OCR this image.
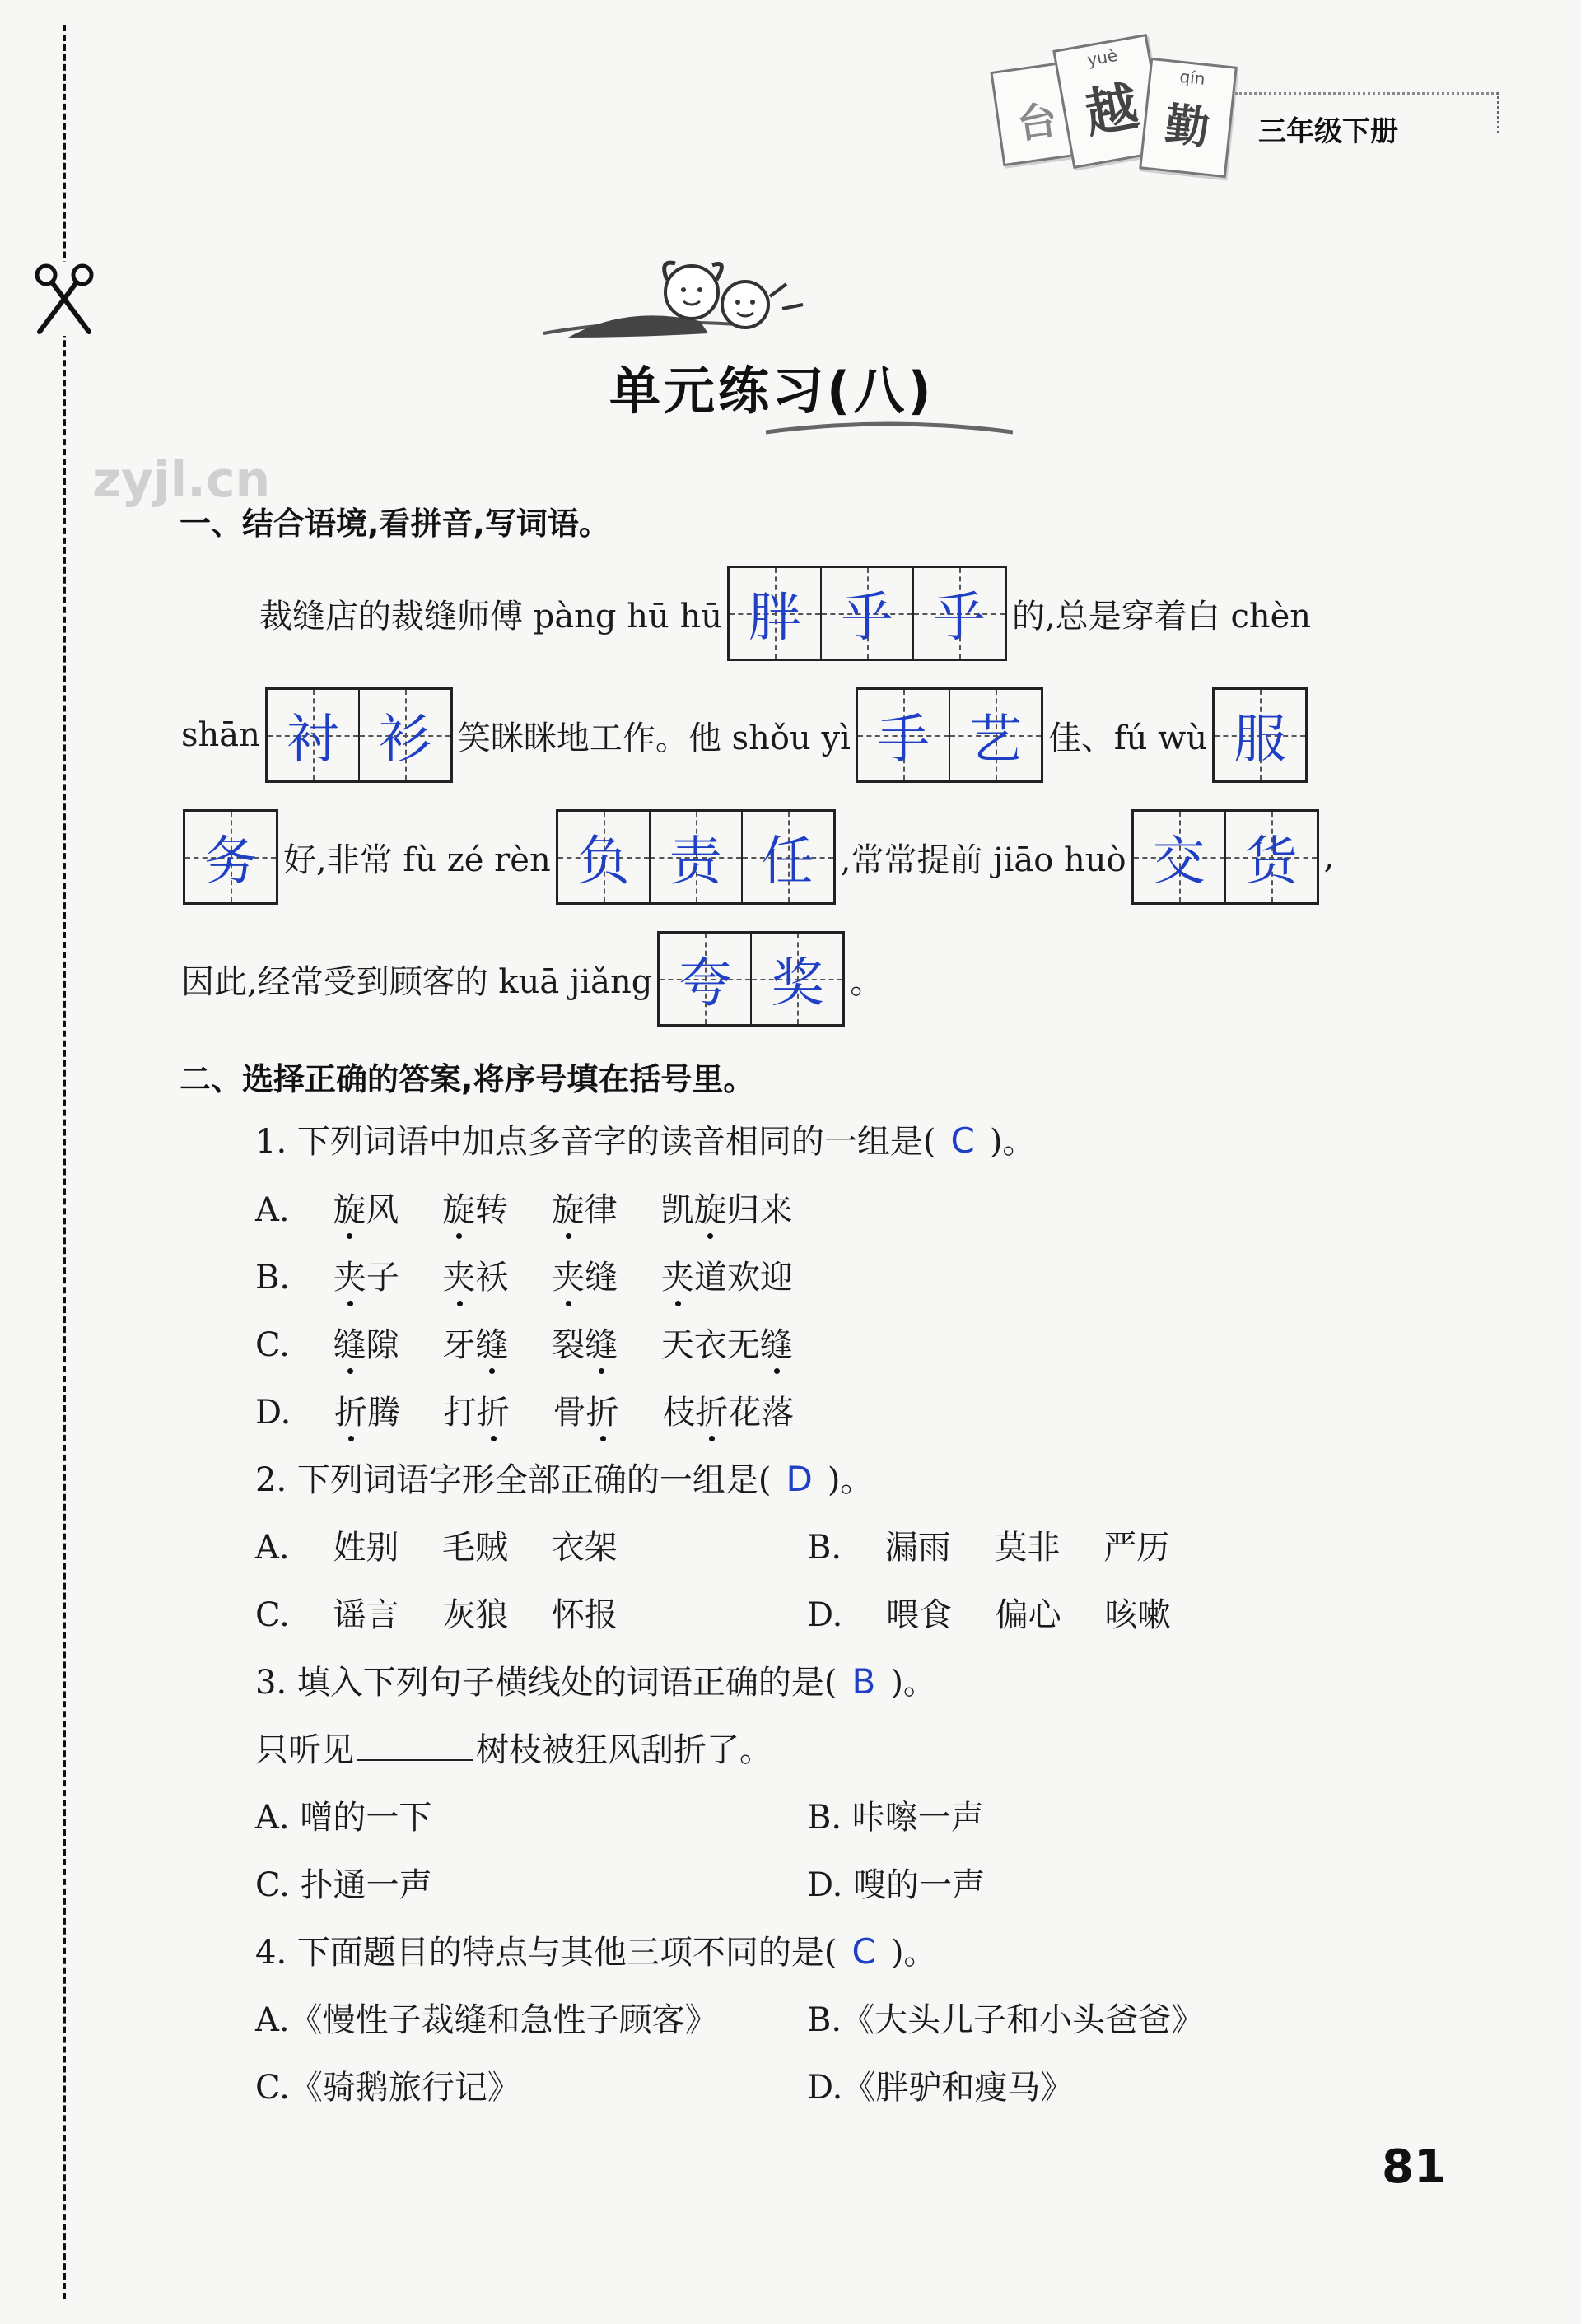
台
yuè
越	qín
勤 三年级下册
单元练习(八)
zyjl.cn
一、结合语境,看拼音,写词语。
裁缝店的裁缝师傅 pàng hū hū 胖 乎 乎 的,总是穿着白 chèn
shān 衬 衫 笑眯眯地工作。他 shǒu yì 手 艺 佳、fú wù 服
务 好,非常 fù zé rèn 负 责 任 ,常常提前 jiāo huò 交 货 ,
因此,经常受到顾客的 kuā jiǎng 夸 奖 。
二、选择正确的答案,将序号填在括号里。
1. 下列词语中加点多音字的读音相同的一组是( C )。
A. 旋风 旋转 旋律 凯旋归来
B. 夹子 夹袄 夹缝 夹道欢迎
C. 缝隙 牙缝 裂缝 天衣无缝
D. 折腾 打折 骨折 枝折花落
2. 下列词语字形全部正确的一组是( D )。
A. 姓别 毛贼 衣架	B. 漏雨 莫非 严历
C. 谣言 灰狼 怀报	D. 喂食 偏心 咳嗽
3. 填入下列句子横线处的词语正确的是( B )。
只听见	树枝被狂风刮折了。
A. 噌的一下	B. 咔嚓一声
C. 扑通一声	D. 嗖的一声
4. 下面题目的特点与其他三项不同的是( C )。
A.《慢性子裁缝和急性子顾客》	B.《大头儿子和小头爸爸》
C.《骑鹅旅行记》	D.《胖驴和瘦马》
81
